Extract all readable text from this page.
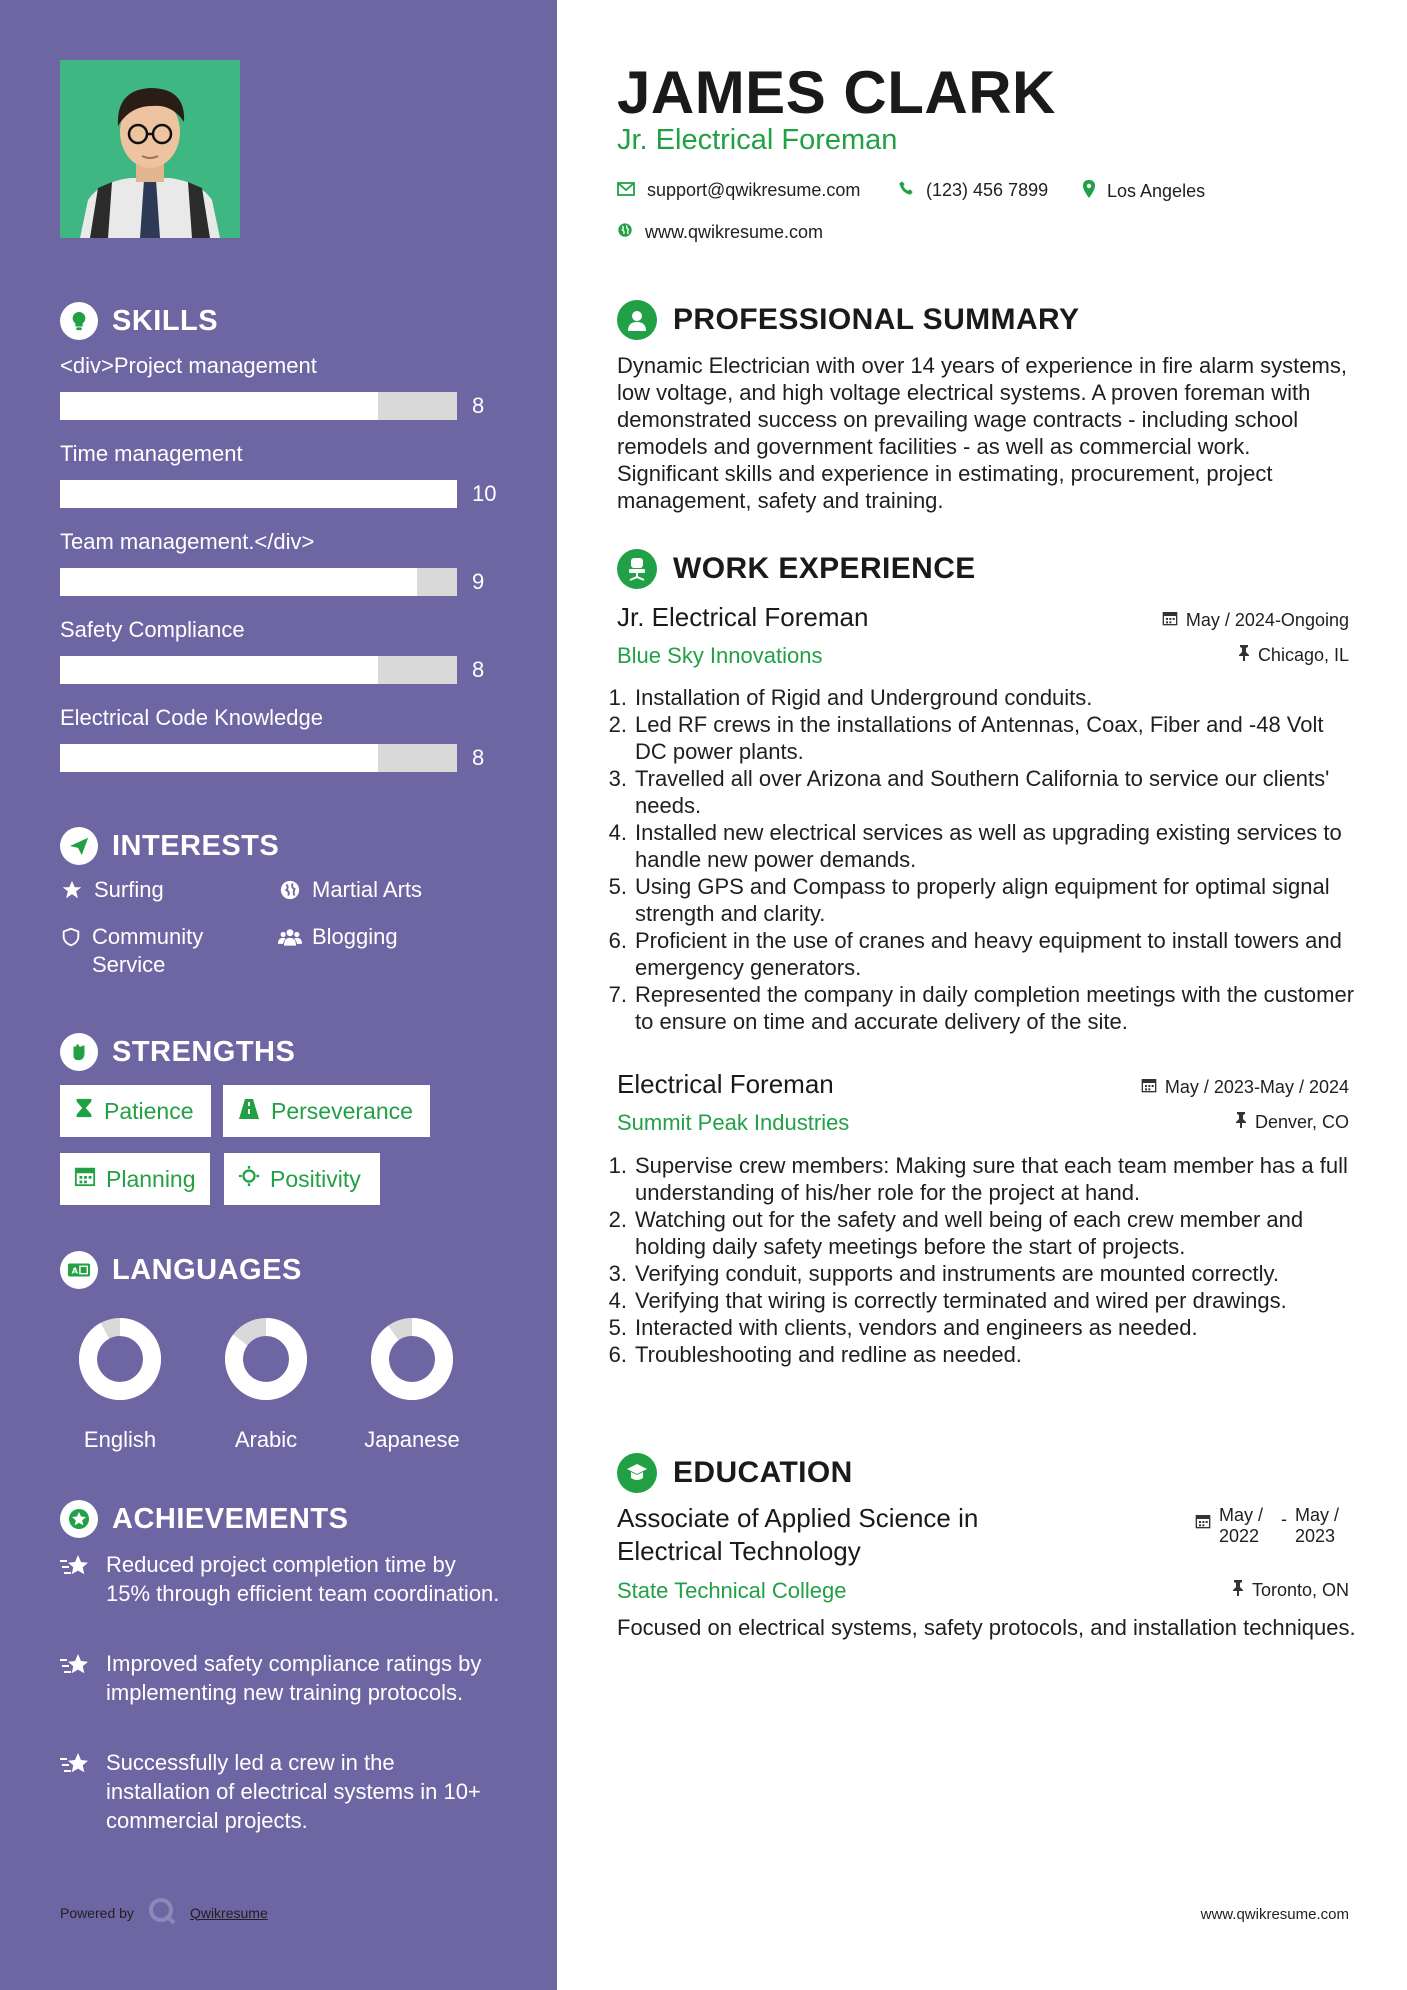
SKILLS
<div>Project management
8
Time management
10
Team management.</div>
9
Safety Compliance
8
Electrical Code Knowledge
8
INTERESTS
Surfing	Martial Arts
Community Service
Blogging
STRENGTHS
Patience	Perseverance
Planning	Positivity
A LANGUAGES
English	Arabic	Japanese
ACHIEVEMENTS
Reduced project completion time by 15% through efficient team coordination.
Improved safety compliance ratings by implementing new training protocols.
Successfully led a crew in the installation of electrical systems in 10+ commercial projects.
Powered by	Qwikresume
JAMES CLARK
Jr. Electrical Foreman
support@qwikresume.com	(123) 456 7899	Los Angeles
www.qwikresume.com
PROFESSIONAL SUMMARY
Dynamic Electrician with over 14 years of experience in fire alarm systems, low voltage, and high voltage electrical systems. A proven foreman with demonstrated success on prevailing wage contracts - including school remodels and government facilities - as well as commercial work. Significant skills and experience in estimating, procurement, project management, safety and training.
WORK EXPERIENCE
Jr. Electrical Foreman	May / 2024-Ongoing
Blue Sky Innovations	Chicago, IL
1. Installation of Rigid and Underground conduits.
2. Led RF crews in the installations of Antennas, Coax, Fiber and -48 Volt DC power plants.
3. Travelled all over Arizona and Southern California to service our clients' needs.
4. Installed new electrical services as well as upgrading existing services to handle new power demands.
5. Using GPS and Compass to properly align equipment for optimal signal strength and clarity.
6. Proficient in the use of cranes and heavy equipment to install towers and emergency generators.
7. Represented the company in daily completion meetings with the customer to ensure on time and accurate delivery of the site.
Electrical Foreman	May / 2023-May / 2024
Summit Peak Industries	Denver, CO
1. Supervise crew members: Making sure that each team member has a full understanding of his/her role for the project at hand.
2. Watching out for the safety and well being of each crew member and holding daily safety meetings before the start of projects.
3. Verifying conduit, supports and instruments are mounted correctly.
4. Verifying that wiring is correctly terminated and wired per drawings.
5. Interacted with clients, vendors and engineers as needed.
6. Troubleshooting and redline as needed.
EDUCATION
Associate of Applied Science in Electrical Technology
May / 2022
- May / 2023
State Technical College	Toronto, ON
Focused on electrical systems, safety protocols, and installation techniques.
www.qwikresume.com
